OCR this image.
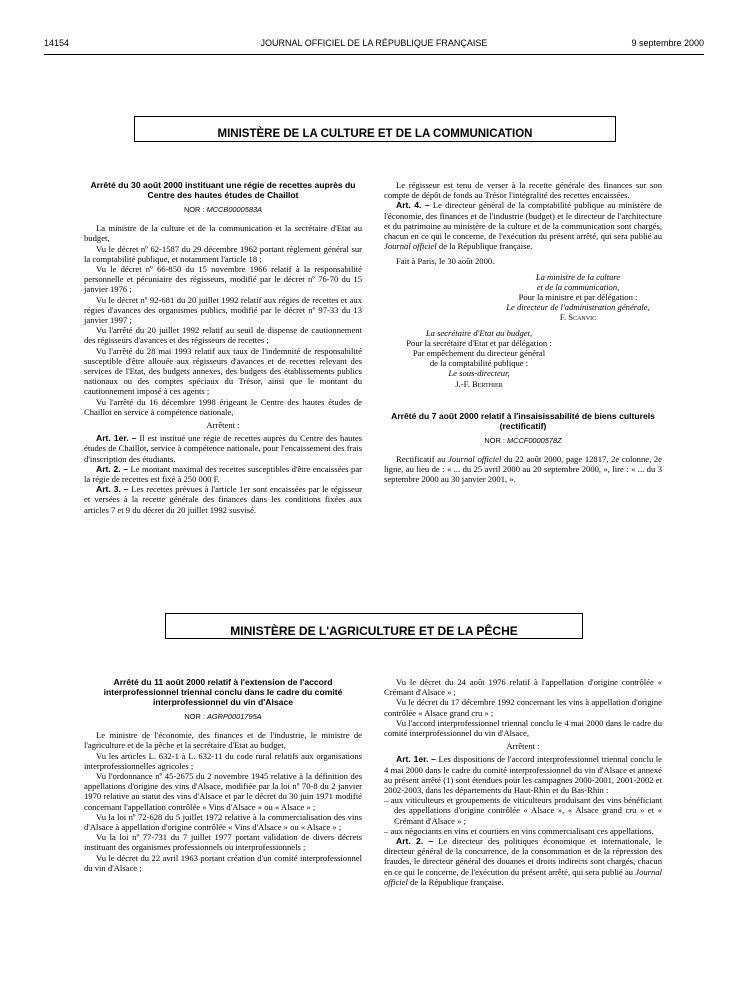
14154	JOURNAL OFFICIEL DE LA RÉPUBLIQUE FRANÇAISE	9 septembre 2000
MINISTÈRE DE LA CULTURE ET DE LA COMMUNICATION
Arrêté du 30 août 2000 instituant une régie de recettes auprès du Centre des hautes études de Chaillot
NOR : MCCB0000583A

La ministre de la culture et de la communication et la secrétaire d'Etat au budget,

Vu le décret nº 62-1587 du 29 décembre 1962 portant règlement général sur la comptabilité publique, et notamment l'article 18 ;

Vu le décret nº 66-850 du 15 novembre 1966 relatif à la responsabilité personnelle et pécuniaire des régisseurs, modifié par le décret nº 76-70 du 15 janvier 1976 ;

Vu le décret nº 92-681 du 20 juillet 1992 relatif aux régies de recettes et aux régies d'avances des organismes publics, modifié par le décret nº 97-33 du 13 janvier 1997 ;

Vu l'arrêté du 20 juillet 1992 relatif au seuil de dispense de cautionnement des régisseurs d'avances et des régisseurs de recettes ;

Vu l'arrêté du 28 mai 1993 relatif aux taux de l'indemnité de responsabilité susceptible d'être allouée aux régisseurs d'avances et de recettes relevant des services de l'Etat, des budgets annexes, des budgets des établissements publics nationaux ou des comptes spéciaux du Trésor, ainsi que le montant du cautionnement imposé à ces agents ;

Vu l'arrêté du 16 décembre 1998 érigeant le Centre des hautes études de Chaillot en service à compétence nationale,

Arrêtent :

Art. 1er. – Il est institué une régie de recettes auprès du Centre des hautes études de Chaillot, service à compétence nationale, pour l'encaissement des frais d'inscription des étudiants.

Art. 2. – Le montant maximal des recettes susceptibles d'être encaissées par la régie de recettes est fixé à 250 000 F.

Art. 3. – Les recettes prévues à l'article 1er sont encaissées par le régisseur et versées à la recette générale des finances dans les conditions fixées aux articles 7 et 9 du décret du 20 juillet 1992 susvisé.

Le régisseur est tenu de verser à la recette générale des finances sur son compte de dépôt de fonds au Trésor l'intégralité des recettes encaissées.

Art. 4. – Le directeur général de la comptabilité publique au ministère de l'économie, des finances et de l'industrie (budget) et le directeur de l'architecture et du patrimoine au ministère de la culture et de la communication sont chargés, chacun en ce qui le concerne, de l'exécution du présent arrêté, qui sera publié au Journal officiel de la République française.

Fait à Paris, le 30 août 2000.

La ministre de la culture

et de la communication,

Pour la ministre et par délégation :

Le directeur de l'administration générale,

F. Scanvic

La secrétaire d'Etat au budget,

Pour la secrétaire d'Etat et par délégation :

Par empêchement du directeur général

de la comptabilité publique :

Le sous-directeur,

J.-F. Berthier

Arrêté du 7 août 2000 relatif à l'insaisissabilité de biens culturels (rectificatif)
NOR : MCCF0000578Z

Rectificatif au Journal officiel du 22 août 2000, page 12817, 2e colonne, 2e ligne, au lieu de : « ... du 25 avril 2000 au 20 septembre 2000, », lire : « ... du 3 septembre 2000 au 30 janvier 2001, ».

MINISTÈRE DE L'AGRICULTURE ET DE LA PÊCHE
Arrêté du 11 août 2000 relatif à l'extension de l'accord interprofessionnel triennal conclu dans le cadre du comité interprofessionnel du vin d'Alsace
NOR : AGRP0001795A

Le ministre de l'économie, des finances et de l'industrie, le ministre de l'agriculture et de la pêche et la secrétaire d'Etat au budget,

Vu les articles L. 632-1 à L. 632-11 du code rural relatifs aux organisations interprofessionnelles agricoles ;

Vu l'ordonnance nº 45-2675 du 2 novembre 1945 relative à la définition des appellations d'origine des vins d'Alsace, modifiée par la loi nº 70-8 du 2 janvier 1970 relative au statut des vins d'Alsace et par le décret du 30 juin 1971 modifié concernant l'appellation contrôlée « Vins d'Alsace » ou « Alsace » ;

Vu la loi nº 72-628 du 5 juillet 1972 relative à la commercialisation des vins d'Alsace à appellation d'origine contrôlée « Vins d'Alsace » ou « Alsace » ;

Vu la loi nº 77-731 du 7 juillet 1977 portant validation de divers décrets instituant des organismes professionnels ou interprofessionnels ;

Vu le décret du 22 avril 1963 portant création d'un comité interprofessionnel du vin d'Alsace ;

Vu le décret du 24 août 1976 relatif à l'appellation d'origine contrôlée « Crémant d'Alsace » ;

Vu le décret du 17 décembre 1992 concernant les vins à appellation d'origine contrôlée « Alsace grand cru » ;

Vu l'accord interprofessionnel triennal conclu le 4 mai 2000 dans le cadre du comité interprofessionnel du vin d'Alsace,

Arrêtent :

Art. 1er. – Les dispositions de l'accord interprofessionnel triennal conclu le 4 mai 2000 dans le cadre du comité interprofessionnel du vin d'Alsace et annexé au présent arrêté (1) sont étendues pour les campagnes 2000-2001, 2001-2002 et 2002-2003, dans les départements du Haut-Rhin et du Bas-Rhin :

– aux viticulteurs et groupements de viticulteurs produisant des vins bénéficiant des appellations d'origine contrôlée « Alsace », « Alsace grand cru » et « Crémant d'Alsace » ;
– aux négociants en vins et courtiers en vins commercialisant ces appellations.

Art. 2. – Le directeur des politiques économique et internationale, le directeur général de la concurrence, de la consommation et de la répression des fraudes, le directeur général des douanes et droits indirects sont chargés, chacun en ce qui le concerne, de l'exécution du présent arrêté, qui sera publié au Journal officiel de la République française.
